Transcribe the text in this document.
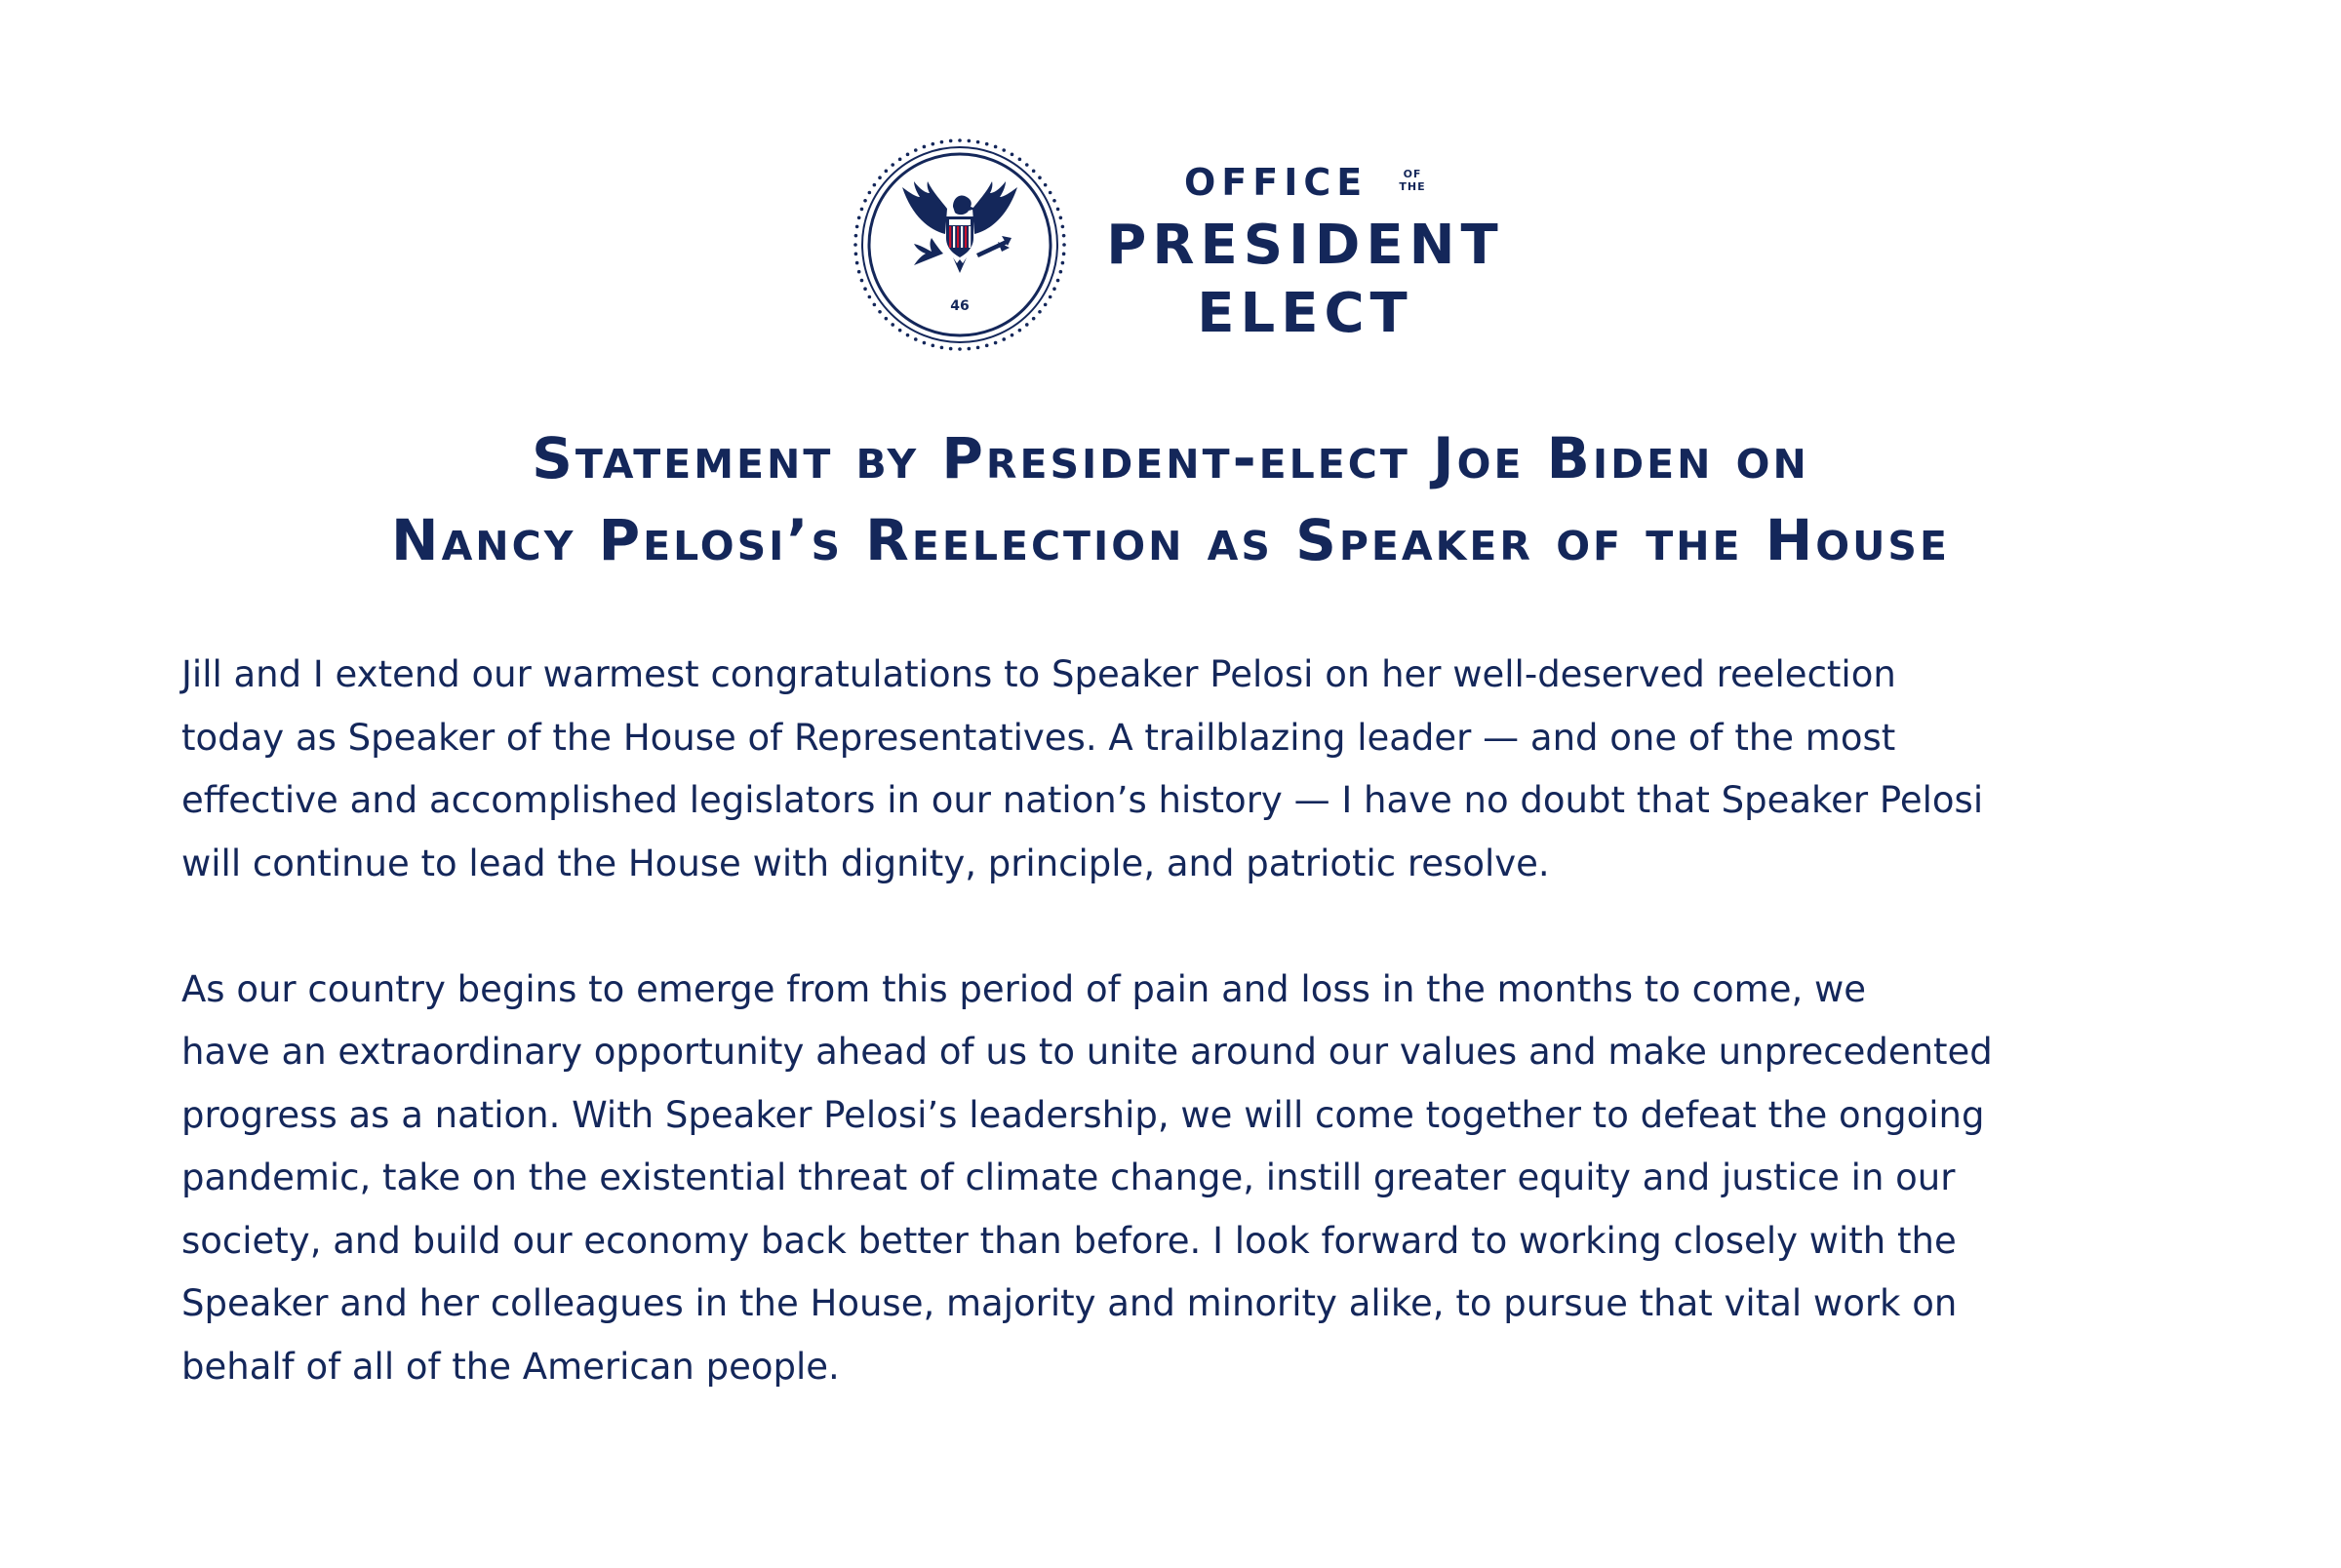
46
OFFICE	OF
THE
PRESIDENT
ELECT
Statement by President-elect Joe Biden on
Nancy Pelosi’s Reelection as Speaker of the House

Jill and I extend our warmest congratulations to Speaker Pelosi on her well-deserved reelection
today as Speaker of the House of Representatives. A trailblazing leader — and one of the most
effective and accomplished legislators in our nation’s history — I have no doubt that Speaker Pelosi
will continue to lead the House with dignity, principle, and patriotic resolve.

As our country begins to emerge from this period of pain and loss in the months to come, we
have an extraordinary opportunity ahead of us to unite around our values and make unprecedented
progress as a nation. With Speaker Pelosi’s leadership, we will come together to defeat the ongoing
pandemic, take on the existential threat of climate change, instill greater equity and justice in our
society, and build our economy back better than before. I look forward to working closely with the
Speaker and her colleagues in the House, majority and minority alike, to pursue that vital work on
behalf of all of the American people.
